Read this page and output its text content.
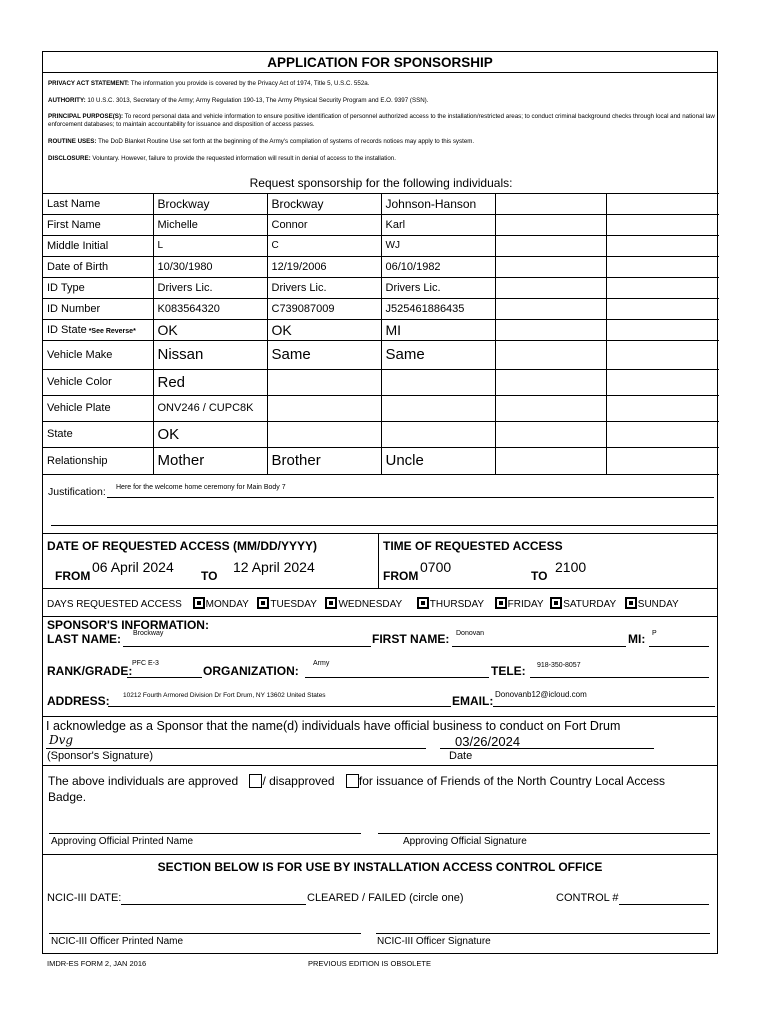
APPLICATION FOR SPONSORSHIP
PRIVACY ACT STATEMENT: The information you provide is covered by the Privacy Act of 1974, Title 5, U.S.C. 552a.
AUTHORITY: 10 U.S.C. 3013, Secretary of the Army; Army Regulation 190-13, The Army Physical Security Program and E.O. 9397 (SSN).
PRINCIPAL PURPOSE(S): To record personal data and vehicle information to ensure positive identification of personnel authorized access to the installation/restricted areas; to conduct criminal background checks through local and national law enforcement databases; to maintain accountability for issuance and disposition of access passes.
ROUTINE USES: The DoD Blanket Routine Use set forth at the beginning of the Army's compilation of systems of records notices may apply to this system.
DISCLOSURE: Voluntary. However, failure to provide the requested information will result in denial of access to the installation.
Request sponsorship for the following individuals:					
Last Name	Brockway	Brockway	Johnson-Hanson		
First Name	Michelle	Connor	Karl		
Middle Initial	L	C	WJ		
Date of Birth	10/30/1980	12/19/2006	06/10/1982		
ID Type	Drivers Lic.	Drivers Lic.	Drivers Lic.		
ID Number	K083564320	C739087009	J525461886435		
ID State *See Reverse*	OK	OK	MI		
Vehicle Make	Nissan	Same	Same		
Vehicle Color	Red				
Vehicle Plate	ONV246 / CUPC8K				
State	OK				
Relationship	Mother	Brother	Uncle		
Justification: Here for the welcome home ceremony for Main Body 7
DATE OF REQUESTED ACCESS (MM/DD/YYYY)	TIME OF REQUESTED ACCESS
FROM
06 April 2024
TO
12 April 2024
FROM
0700
TO
2100
DAYS REQUESTED ACCESS MONDAY TUESDAY WEDNESDAY	THURSDAY FRIDAY SATURDAY SUNDAY
SPONSOR'S INFORMATION:
LAST NAME: Brockway	FIRST NAME: Donovan	MI: P
RANK/GRADE:
PFC E-3
ORGANIZATION:
Army
TELE: 918-350-8057
ADDRESS: 10212 Fourth Armored Division Dr Fort Drum, NY 13602 United States	EMAIL: Donovanb12@icloud.com
I acknowledge as a Sponsor that the name(d) individuals have official business to conduct on Fort Drum
Dvg	03/26/2024
(Sponsor's Signature)	Date
The above individuals are approved / disapproved for issuance of Friends of the North Country Local Access
Badge.
Approving Official Printed Name	Approving Official Signature
SECTION BELOW IS FOR USE BY INSTALLATION ACCESS CONTROL OFFICE
NCIC-III DATE:	CLEARED / FAILED (circle one)	CONTROL #
NCIC-III Officer Printed Name	NCIC-III Officer Signature
IMDR-ES FORM 2, JAN 2016	PREVIOUS EDITION IS OBSOLETE
